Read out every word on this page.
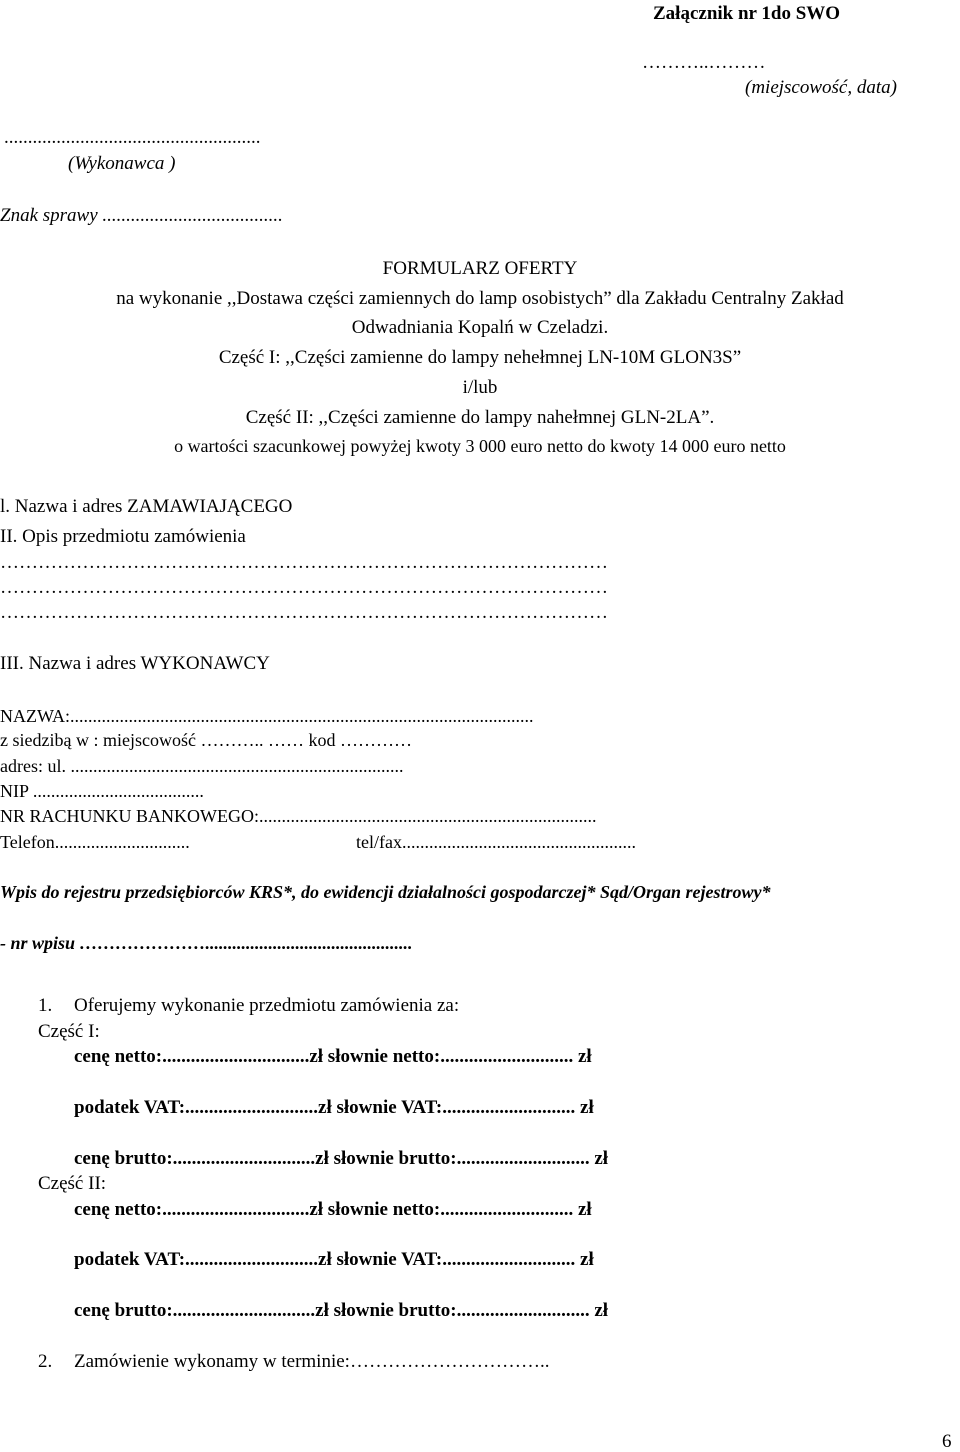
Załącznik nr 1do SWO
………..………
(miejscowość, data)
......................................................
(Wykonawca )
Znak sprawy ......................................
FORMULARZ OFERTY
na wykonanie ,,Dostawa części zamiennych do lamp osobistych” dla Zakładu Centralny Zakład
Odwadniania Kopalń w Czeladzi.
Część I: ,,Części zamienne do lampy nehełmnej LN-10M GLON3S”
i/lub
Część II: ,,Części zamienne do lampy nahełmnej GLN-2LA”.
o wartości szacunkowej powyżej kwoty 3 000 euro netto do kwoty 14 000 euro netto
l. Nazwa i adres ZAMAWIAJĄCEGO
II. Opis przedmiotu zamówienia
……………………………………………………………………………………
……………………………………………………………………………………
……………………………………………………………………………………
III. Nazwa i adres WYKONAWCY
NAZWA:.......................................................................................................
z siedzibą w : miejscowość ……….. …… kod …………
adres: ul. ..........................................................................
NIP ......................................
NR RACHUNKU BANKOWEGO:...........................................................................
Telefon..............................	tel/fax....................................................
Wpis do rejestru przedsiębiorców KRS*, do ewidencji działalności gospodarczej* Sąd/Organ rejestrowy*
- nr wpisu …………………..............................................
1. Oferujemy wykonanie przedmiotu zamówienia za:
Część I:
cenę netto:...............................zł słownie netto:............................ zł
podatek VAT:............................zł słownie VAT:............................ zł
cenę brutto:..............................zł słownie brutto:............................ zł
Część II:
cenę netto:...............................zł słownie netto:............................ zł
podatek VAT:............................zł słownie VAT:............................ zł
cenę brutto:..............................zł słownie brutto:............................ zł
2. Zamówienie wykonamy w terminie:…………………………..
6
